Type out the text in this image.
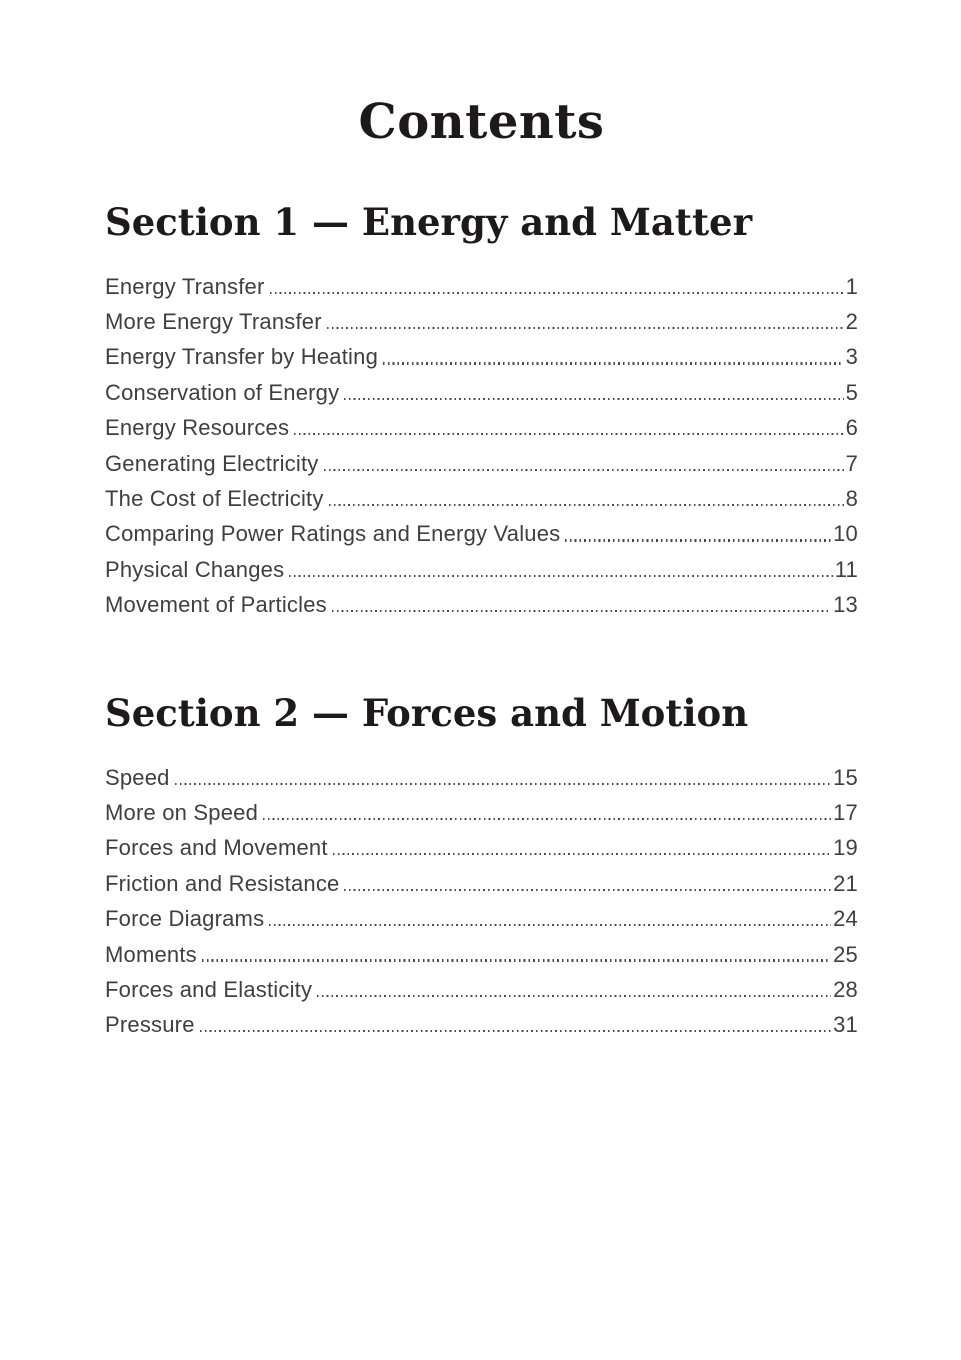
Contents
Section 1 — Energy and Matter
Energy Transfer	1
More Energy Transfer	2
Energy Transfer by Heating	3
Conservation of Energy	5
Energy Resources	6
Generating Electricity	7
The Cost of Electricity	8
Comparing Power Ratings and Energy Values	10
Physical Changes	11
Movement of Particles	13
Section 2 — Forces and Motion
Speed	15
More on Speed	17
Forces and Movement	19
Friction and Resistance	21
Force Diagrams	24
Moments	25
Forces and Elasticity	28
Pressure	31
